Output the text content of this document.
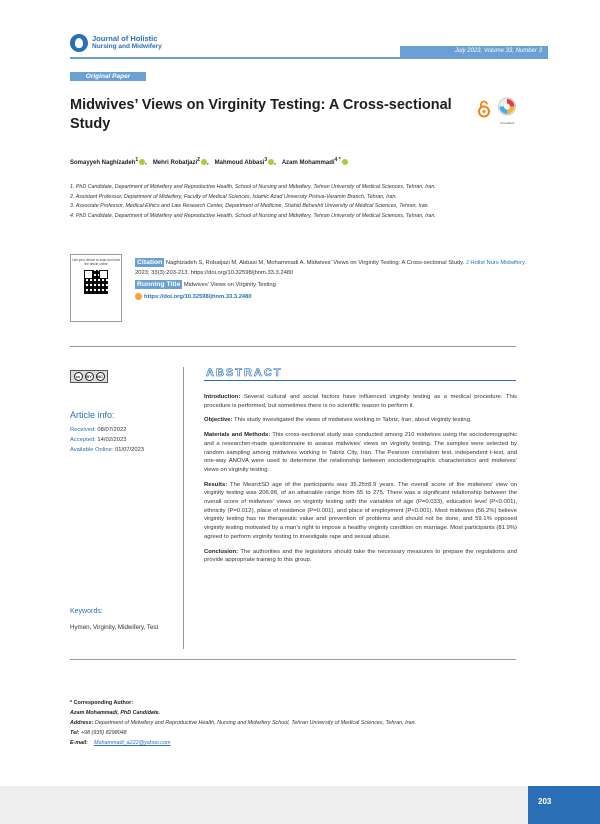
Journal of Holistic
Nursing and Midwifery
July 2023, Volume 33, Number 3
Original Paper
Midwives’ Views on Virginity Testing: A Cross-sectional Study	CrossMark
Somayyeh Naghizadeh$^1$ , Mehri Robatjazi$^2$ , Mahmoud Abbasi$^3$ , Azam Mohammadi$^{4 *}$
1. PhD Candidate, Department of Midwifery and Reproductive Health, School of Nursing and Midwifery, Tehran University of Medical Sciences, Tehran, Iran.
2. Assistant Professor, Department of Midwifery, Faculty of Medical Sciences, Islamic Azad University Pishva-Varamin Branch, Tehran, Iran.
3. Associate Professor, Medical Ethics and Law Research Center, Department of Medicine, Shahid Beheshti University of Medical Sciences, Tehran, Iran.
4. PhD Candidate, Department of Midwifery and Reproductive Health, School of Nursing and Midwifery, Tehran University of Medical Sciences, Tehran, Iran.
Use your device to scan and read the article online	Citation Naghizadeh S, Robatjazi M, Abbasi M, Mohammadi A. Midwives’ Views on Virginity Testing: A Cross-sectional Study. J Holist Nurs Midwifery. 2023; 33(3):203-213. https://doi.org/10.32598/jhnm.33.3.2480
Running Title Midwives’ Views on Virginity Testing
https://doi.org/10.32598/jhnm.33.3.2480
cc	BY	NC
Article info:
Received: 08/07/2022
Accepted: 14/02/2023
Available Online: 01/07/2023
Keywords:
Hymen, Virginity, Midwifery, Test
ABSTRACT

Introduction: Several cultural and social factors have influenced virginity testing as a medical procedure. This procedure is performed, but sometimes there is no scientific reason to perform it.

Objective: This study investigated the views of midwives working in Tabriz, Iran, about virginity testing.

Materials and Methods: This cross-sectional study was conducted among 210 midwives using the sociodemographic and a researcher-made questionnaire to assess midwives’ views on virginity testing. The samples were selected by random sampling among midwives working in Tabriz City, Iran. The Pearson correlation test, independent t-test, and one-way ANOVA were used to determine the relationship between sociodemographic characteristics and midwives’ views on virginity testing.

Results: The Mean±SD age of the participants was 35.25±8.9 years. The overall score of the midwives’ view on virginity testing was 206.98, of an attainable range from 55 to 275. There was a significant relationship between the overall score of midwives’ views on virginity testing with the variables of age (P=0.033), education level (P<0.001), ethnicity (P=0.012), place of residence (P=0.001), and place of employment (P<0.001). Most midwives (56.2%) believe virginity testing has no therapeutic value and prevention of problems and should not be done, and 59.1% opposed virginity testing motivated by a man’s right to impose a healthy virginity condition on marriage. Most participants (81.9%) agreed to perform virginity testing to investigate rape and sexual abuse.

Conclusion: The authorities and the legislators should take the necessary measures to prepare the regulations and provide appropriate training to this group.

* Corresponding Author:
Azam Mohammadi, PhD Candidate.
Address: Department of Midwifery and Reproductive Health, Nursing and Midwifery School, Tehran University of Medical Sciences, Tehran, Iran.
Tel: +98 (935) 8298048
E-mail: Mohammadi_a222@yahoo.com
203
